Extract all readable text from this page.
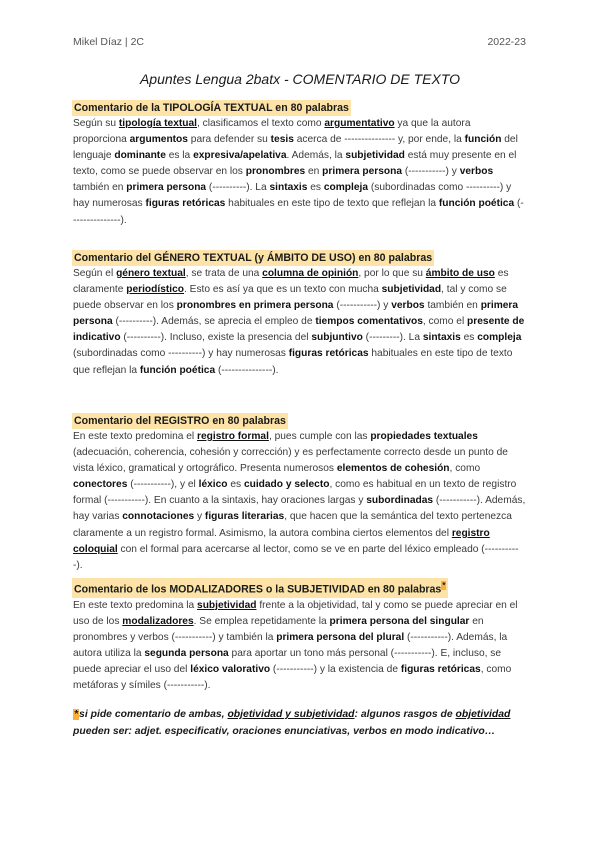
Mikel Díaz | 2C	2022-23
Apuntes Lengua 2batx - COMENTARIO DE TEXTO
Comentario de la TIPOLOGÍA TEXTUAL en 80 palabras

Según su tipología textual, clasificamos el texto como argumentativo ya que la autora proporciona argumentos para defender su tesis acerca de --------------- y, por ende, la función del lenguaje dominante es la expresiva/apelativa. Además, la subjetividad está muy presente en el texto, como se puede observar en los pronombres en primera persona (-----------) y verbos también en primera persona (----------). La sintaxis es compleja (subordinadas como ----------) y hay numerosas figuras retóricas habituales en este tipo de texto que reflejan la función poética (---------------).

Comentario del GÉNERO TEXTUAL (y ÁMBITO DE USO) en 80 palabras

Según el género textual, se trata de una columna de opinión, por lo que su ámbito de uso es claramente periodístico. Esto es así ya que es un texto con mucha subjetividad, tal y como se puede observar en los pronombres en primera persona (-----------) y verbos también en primera persona (----------). Además, se aprecia el empleo de tiempos comentativos, como el presente de indicativo (----------). Incluso, existe la presencia del subjuntivo (---------). La sintaxis es compleja (subordinadas como ----------) y hay numerosas figuras retóricas habituales en este tipo de texto que reflejan la función poética (---------------).

Comentario del REGISTRO en 80 palabras

En este texto predomina el registro formal, pues cumple con las propiedades textuales (adecuación, coherencia, cohesión y corrección) y es perfectamente correcto desde un punto de vista léxico, gramatical y ortográfico. Presenta numerosos elementos de cohesión, como conectores (-----------), y el léxico es cuidado y selecto, como es habitual en un texto de registro formal (-----------). En cuanto a la sintaxis, hay oraciones largas y subordinadas (-----------). Además, hay varias connotaciones y figuras literarias, que hacen que la semántica del texto pertenezca claramente a un registro formal. Asimismo, la autora combina ciertos elementos del registro coloquial con el formal para acercarse al lector, como se ve en parte del léxico empleado (-----------).

Comentario de los MODALIZADORES o la SUBJETIVIDAD en 80 palabras*

En este texto predomina la subjetividad frente a la objetividad, tal y como se puede apreciar en el uso de los modalizadores. Se emplea repetidamente la primera persona del singular en pronombres y verbos (-----------) y también la primera persona del plural (-----------). Además, la autora utiliza la segunda persona para aportar un tono más personal (-----------). E, incluso, se puede apreciar el uso del léxico valorativo (-----------) y la existencia de figuras retóricas, como metáforas y símiles (-----------).

*si pide comentario de ambas, objetividad y subjetividad: algunos rasgos de objetividad pueden ser: adjet. especificativ, oraciones enunciativas, verbos en modo indicativo…
